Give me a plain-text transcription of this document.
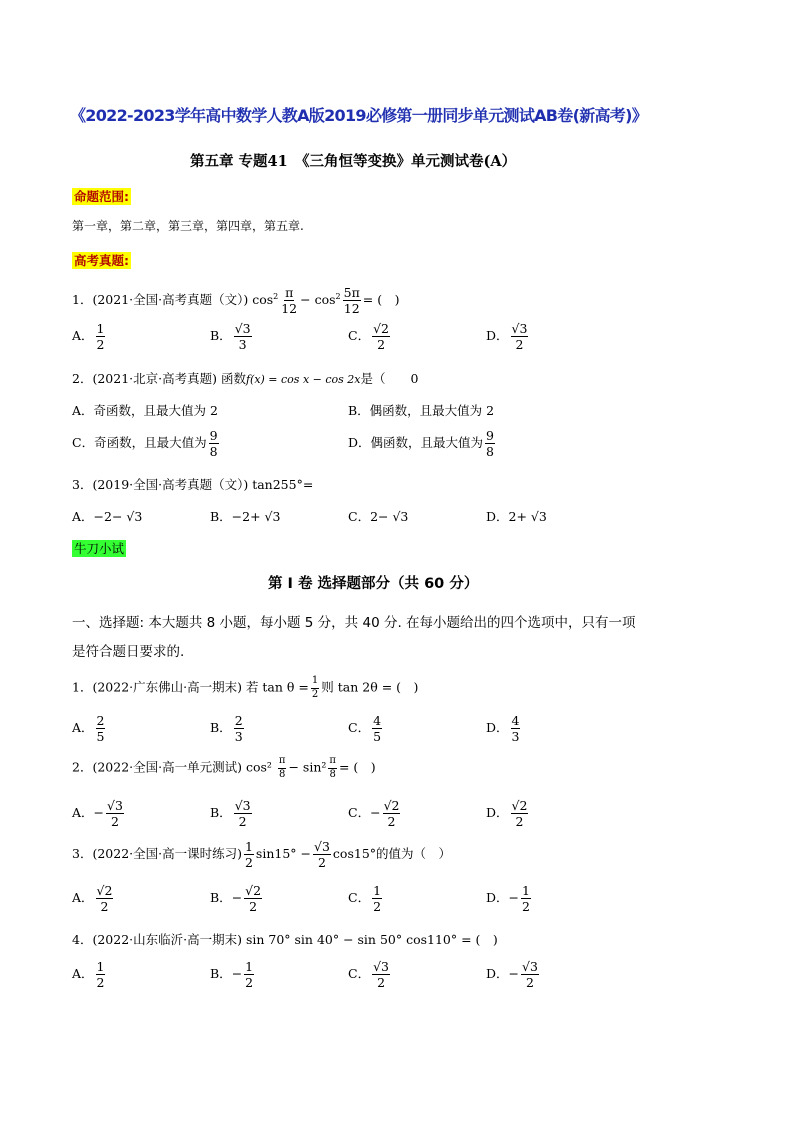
《2022-2023学年高中数学人教A版2019必修第一册同步单元测试AB卷(新高考)》
第五章 专题41　《三角恒等变换》单元测试卷(A）
命题范围:
第一章，第二章，第三章，第四章，第五章.
高考真题:
1．(2021·全国·高考真题（文）) $\cos^2 \frac{\pi}{12} - \cos^2 \frac{5\pi}{12}$ = (　)
A． $\frac{1}{2}$	B． $\frac{√3}{3}$	C． $\frac{√2}{2}$	D． $\frac{√3}{2}$
2．(2021·北京·高考真题) 函数f(x) = cos x − cos 2x是（　　0
A．奇函数，且最大值为 2	B．偶函数，且最大值为 2
C．奇函数，且最大值为 $\frac{9}{8}$	D．偶函数，且最大值为 $\frac{9}{8}$
3．(2019·全国·高考真题（文）) tan255°=
A．−2− √3	B．−2+ √3	C．2− √3	D．2+ √3
牛刀小试
第 I 卷 选择题部分（共 60 分）
一、选择题: 本大题共 8 小题，每小题 5 分，共 40 分. 在每小题给出的四个选项中，只有一项
是符合题日要求的.
1．(2022·广东佛山·高一期末) 若 $\tan \theta = \frac{1}{2}$ 则 tan 2θ = (　)
A． $\frac{2}{5}$	B． $\frac{2}{3}$	C． $\frac{4}{5}$	D． $\frac{4}{3}$
2．(2022·全国·高一单元测试) $\cos^2 \frac{\pi}{8} - \sin^2 \frac{\pi}{8}$ = (　)
A．− $\frac{√3}{2}$	B． $\frac{√3}{2}$	C．− $\frac{√2}{2}$	D． $\frac{√2}{2}$
3．(2022·全国·高一课时练习) $\frac{1}{2} \sin 15^\circ - \frac{√3}{2} \cos 15^\circ$的值为（　）
A． $\frac{√2}{2}$	B．− $\frac{√2}{2}$	C． $\frac{1}{2}$	D．− $\frac{1}{2}$
4．(2022·山东临沂·高一期末) sin 70° sin 40° − sin 50° cos110° = (　)
A． $\frac{1}{2}$	B．− $\frac{1}{2}$	C． $\frac{√3}{2}$	D．− $\frac{√3}{2}$
